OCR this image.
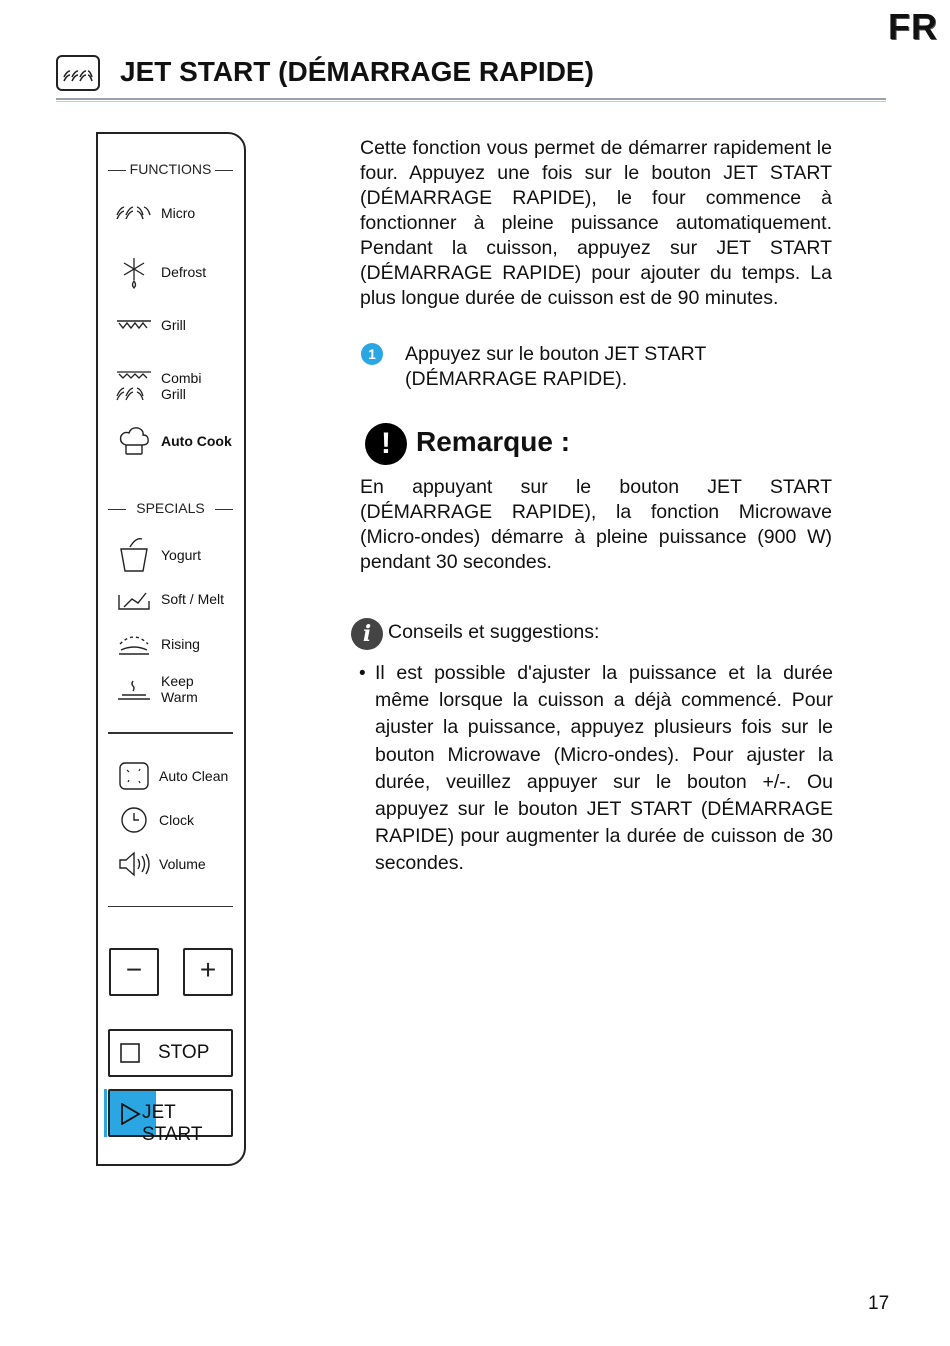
FR
JET START (DÉMARRAGE RAPIDE)
FUNCTIONS
Micro
Defrost
Grill
Combi
Grill
Auto Cook
SPECIALS
Yogurt
Soft / Melt
Rising
Keep
Warm
Auto Clean
Clock
Volume
−	+
STOP
JET START

Cette fonction vous permet de démarrer rapidement le four. Appuyez une fois sur le bouton JET START (DÉMARRAGE RAPIDE), le four commence à fonctionner à pleine puissance automatiquement. Pendant la cuisson, appuyez sur JET START (DÉMARRAGE RAPIDE) pour ajouter du temps. La plus longue durée de cuisson est de 90 minutes.

1	Appuyez sur le bouton JET START (DÉMARRAGE RAPIDE).

! Remarque :

En appuyant sur le bouton JET START (DÉMARRAGE RAPIDE), la fonction Microwave (Micro-ondes) démarre à pleine puissance (900 W) pendant 30 secondes.

i Conseils et suggestions:

• Il est possible d'ajuster la puissance et la durée même lorsque la cuisson a déjà commencé. Pour ajuster la puissance, appuyez plusieurs fois sur le bouton Microwave (Micro-ondes). Pour ajuster la durée, veuillez appuyer sur le bouton +/-. Ou appuyez sur le bouton JET START (DÉMARRAGE RAPIDE) pour augmenter la durée de cuisson de 30 secondes.

17
